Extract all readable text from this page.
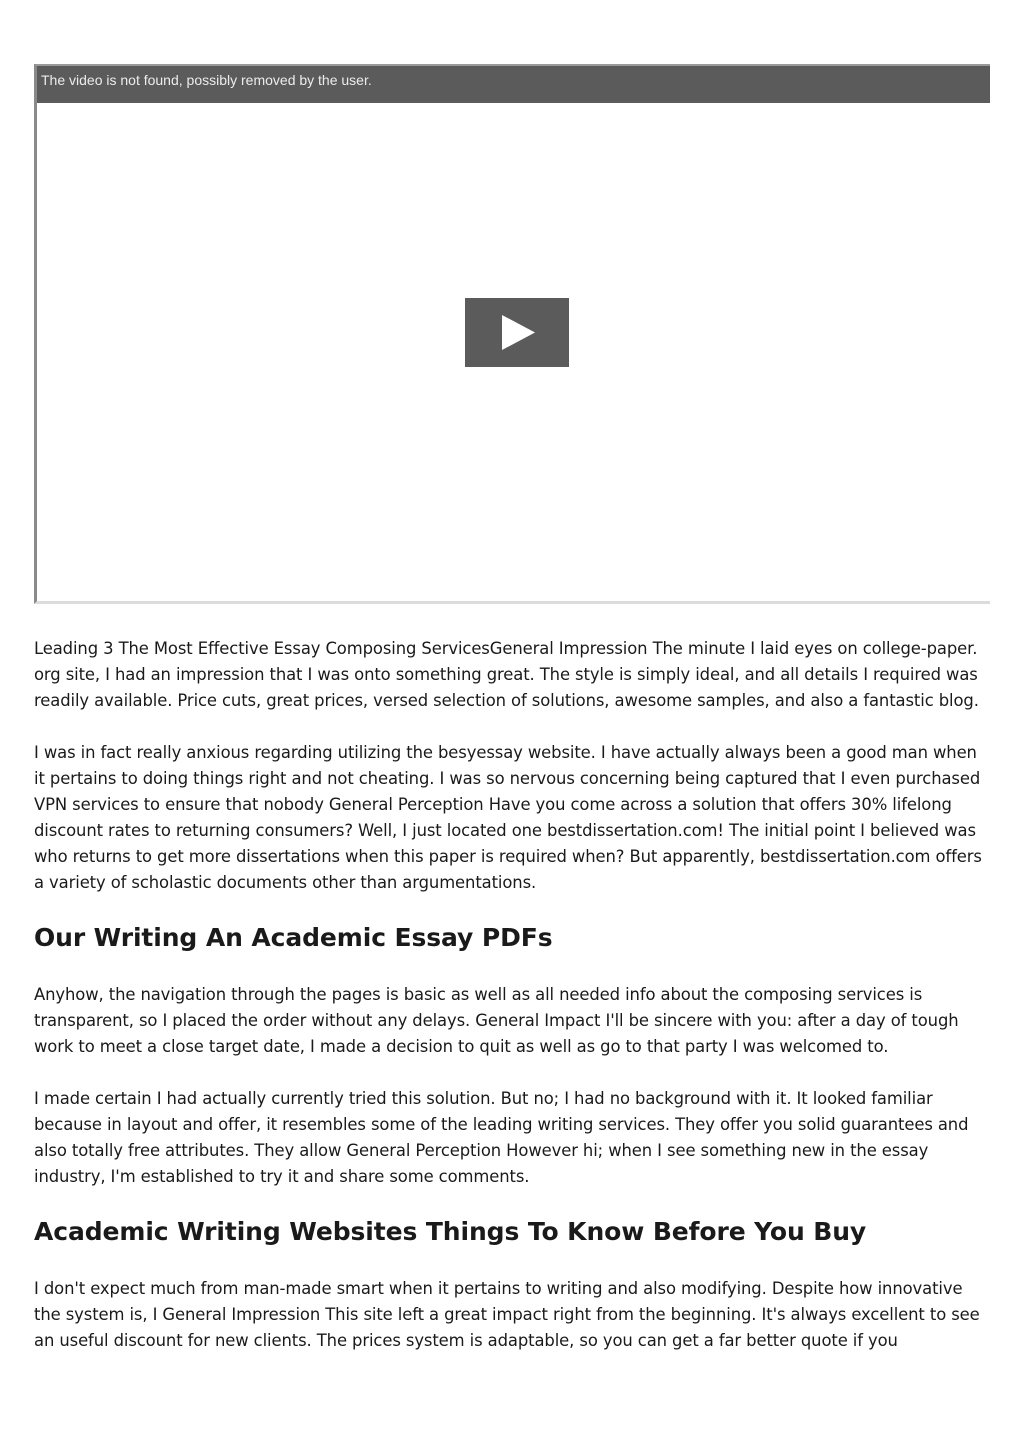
The video is not found, possibly removed by the user.

Leading 3 The Most Effective Essay Composing ServicesGeneral Impression The minute I laid eyes on college-paper. org site, I had an impression that I was onto something great. The style is simply ideal, and all details I required was readily available. Price cuts, great prices, versed selection of solutions, awesome samples, and also a fantastic blog.

I was in fact really anxious regarding utilizing the besyessay website. I have actually always been a good man when it pertains to doing things right and not cheating. I was so nervous concerning being captured that I even purchased VPN services to ensure that nobody General Perception Have you come across a solution that offers 30% lifelong discount rates to returning consumers? Well, I just located one bestdissertation.com! The initial point I believed was who returns to get more dissertations when this paper is required when? But apparently, bestdissertation.com offers a variety of scholastic documents other than argumentations.

Our Writing An Academic Essay PDFs

Anyhow, the navigation through the pages is basic as well as all needed info about the composing services is transparent, so I placed the order without any delays. General Impact I'll be sincere with you: after a day of tough work to meet a close target date, I made a decision to quit as well as go to that party I was welcomed to.

I made certain I had actually currently tried this solution. But no; I had no background with it. It looked familiar because in layout and offer, it resembles some of the leading writing services. They offer you solid guarantees and also totally free attributes. They allow General Perception However hi; when I see something new in the essay industry, I'm established to try it and share some comments.

Academic Writing Websites Things To Know Before You Buy

I don't expect much from man-made smart when it pertains to writing and also modifying. Despite how innovative the system is, I General Impression This site left a great impact right from the beginning. It's always excellent to see an useful discount for new clients. The prices system is adaptable, so you can get a far better quote if you
